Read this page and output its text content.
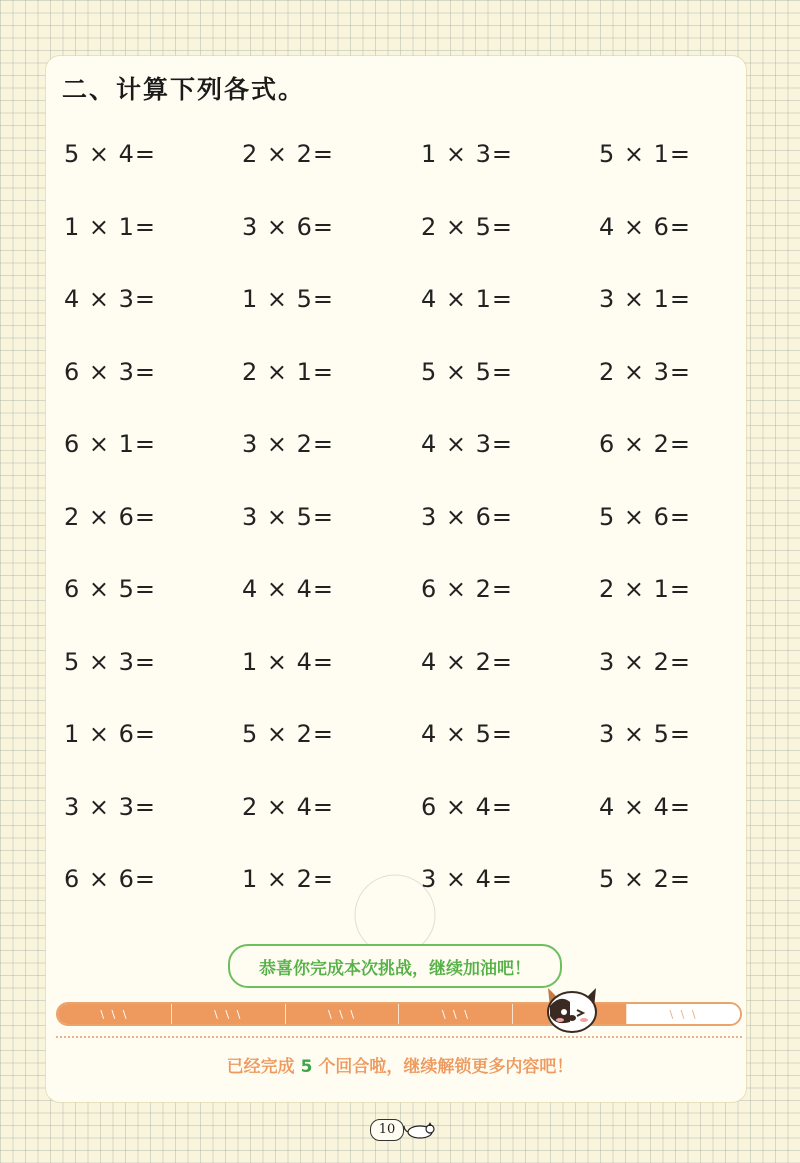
二、计算下列各式。
5 × 4=	2 × 2=	1 × 3=	5 × 1=
1 × 1=	3 × 6=	2 × 5=	4 × 6=
4 × 3=	1 × 5=	4 × 1=	3 × 1=
6 × 3=	2 × 1=	5 × 5=	2 × 3=
6 × 1=	3 × 2=	4 × 3=	6 × 2=
2 × 6=	3 × 5=	3 × 6=	5 × 6=
6 × 5=	4 × 4=	6 × 2=	2 × 1=
5 × 3=	1 × 4=	4 × 2=	3 × 2=
1 × 6=	5 × 2=	4 × 5=	3 × 5=
3 × 3=	2 × 4=	6 × 4=	4 × 4=
6 × 6=	1 × 2=	3 × 4=	5 × 2=
恭喜你完成本次挑战，继续加油吧！
\ \ \	\ \ \	\ \ \	\ \ \	\ \ \
已经完成 5 个回合啦，继续解锁更多内容吧！
10
